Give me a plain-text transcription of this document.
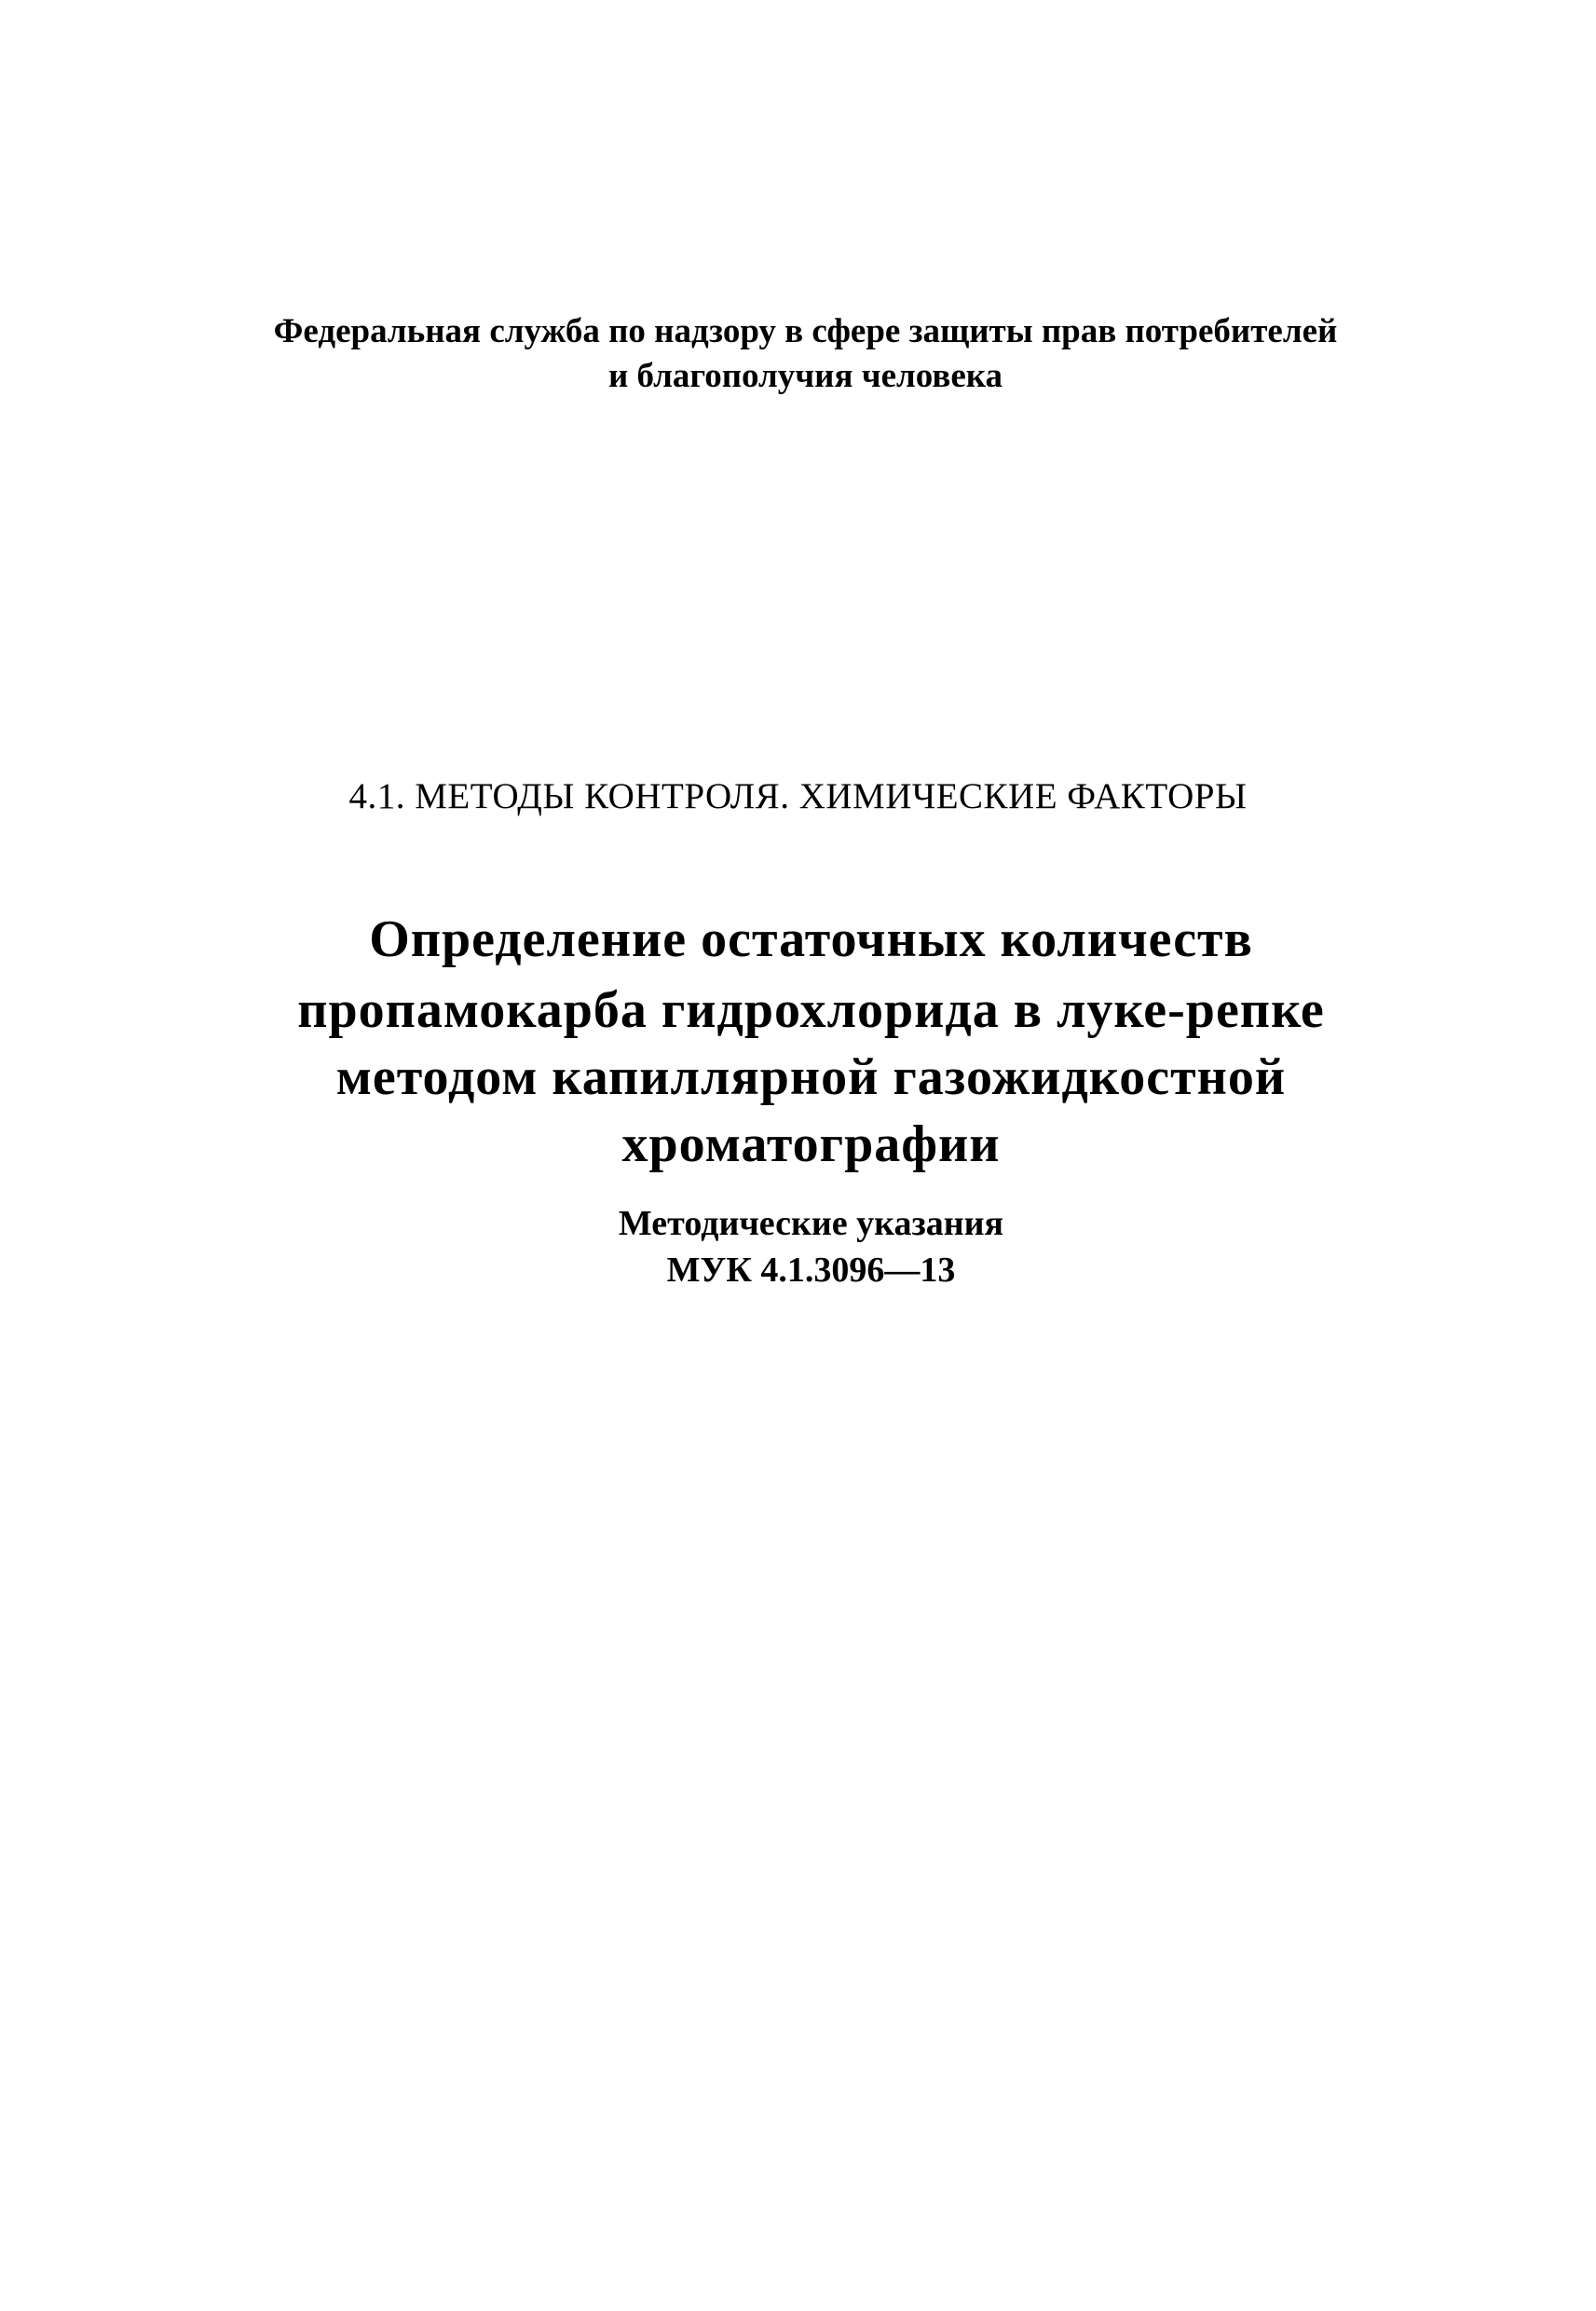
Федеральная служба по надзору в сфере защиты прав потребителей

и благополучия человека

4.1. МЕТОДЫ КОНТРОЛЯ. ХИМИЧЕСКИЕ ФАКТОРЫ

Определение остаточных количеств

пропамокарба гидрохлорида в луке-репке

методом капиллярной газожидкостной

хроматографии

Методические указания

МУК 4.1.3096—13
